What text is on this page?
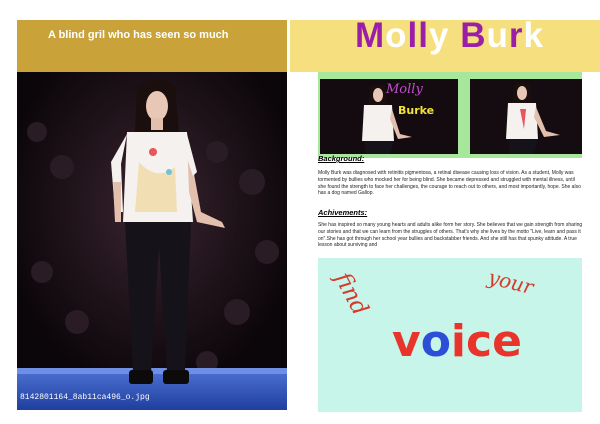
A blind gril who has seen so much	Molly Burk
8142801164_8ab11ca496_o.jpg
Molly
Burke
Background:
Molly Burk was diagnosed with retinitis pigmentosa, a retinal disease causing loss of vision. As a student, Molly was tormented by bullies who mocked her for being blind. She became depressed and struggled with mental illness, until she found the strength to face her challenges, the courage to reach out to others, and most importantly, hope. She also has a dog named Gallop.
Achivements:
She has inspired so many young hearts and adults alike form her story. She believes that we gain strength from sharing our stories and that we can learn from the struggles of others. That's why she lives by the motto "Live, learn and pass it on".She has got through her school year bullies and backstabber friends. And she still has that spunky attitude. A true lesson about surviving and
find	your
voice
